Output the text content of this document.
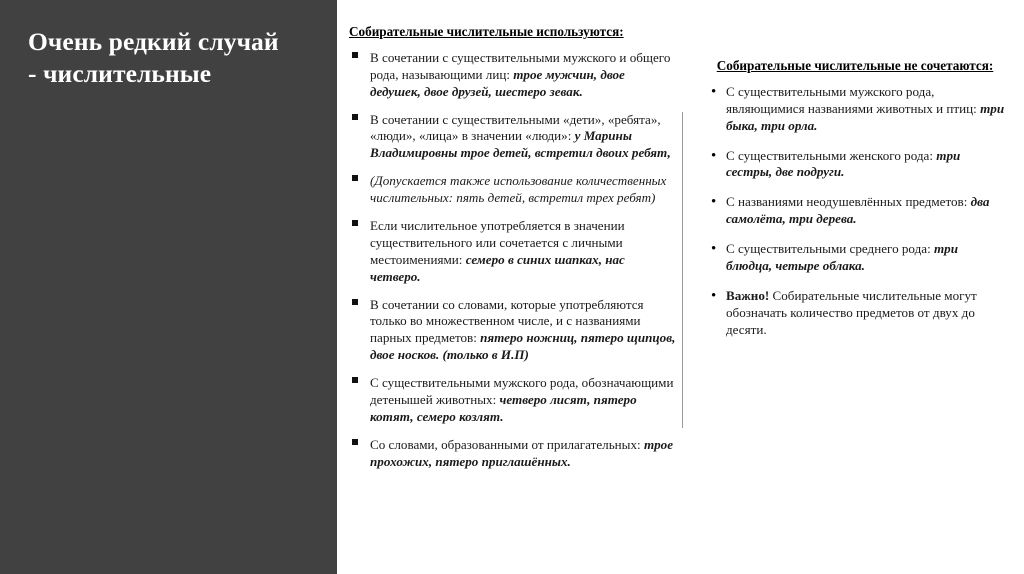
Очень редкий случай
- числительные
Собирательные числительные используются:
В сочетании с существительными мужского и общего рода, называющими лиц: трое мужчин, двое дедушек, двое друзей, шестеро зевак.
В сочетании с существительными «дети», «ребята», «люди», «лица» в значении «люди»: у Марины Владимировны трое детей, встретил двоих ребят,
(Допускается также использование количественных числительных: пять детей, встретил трех ребят)
Если числительное употребляется в значении существительного или сочетается с личными местоимениями: семеро в синих шапках, нас четверо.
В сочетании со словами, которые употребляются только во множественном числе, и с названиями парных предметов: пятеро ножниц, пятеро щипцов, двое носков. (только в И.П)
С существительными мужского рода, обозначающими детенышей животных: четверо лисят, пятеро котят, семеро козлят.
Со словами, образованными от прилагательных: трое прохожих, пятеро приглашённых.
Собирательные числительные не сочетаются:
• С существительными мужского рода, являющимися названиями животных и птиц: три быка, три орла.
• С существительными женского рода: три сестры, две подруги.
• С названиями неодушевлённых предметов: два самолёта, три дерева.
• С существительными среднего рода: три блюдца, четыре облака.
• Важно! Собирательные числительные могут обозначать количество предметов от двух до десяти.
